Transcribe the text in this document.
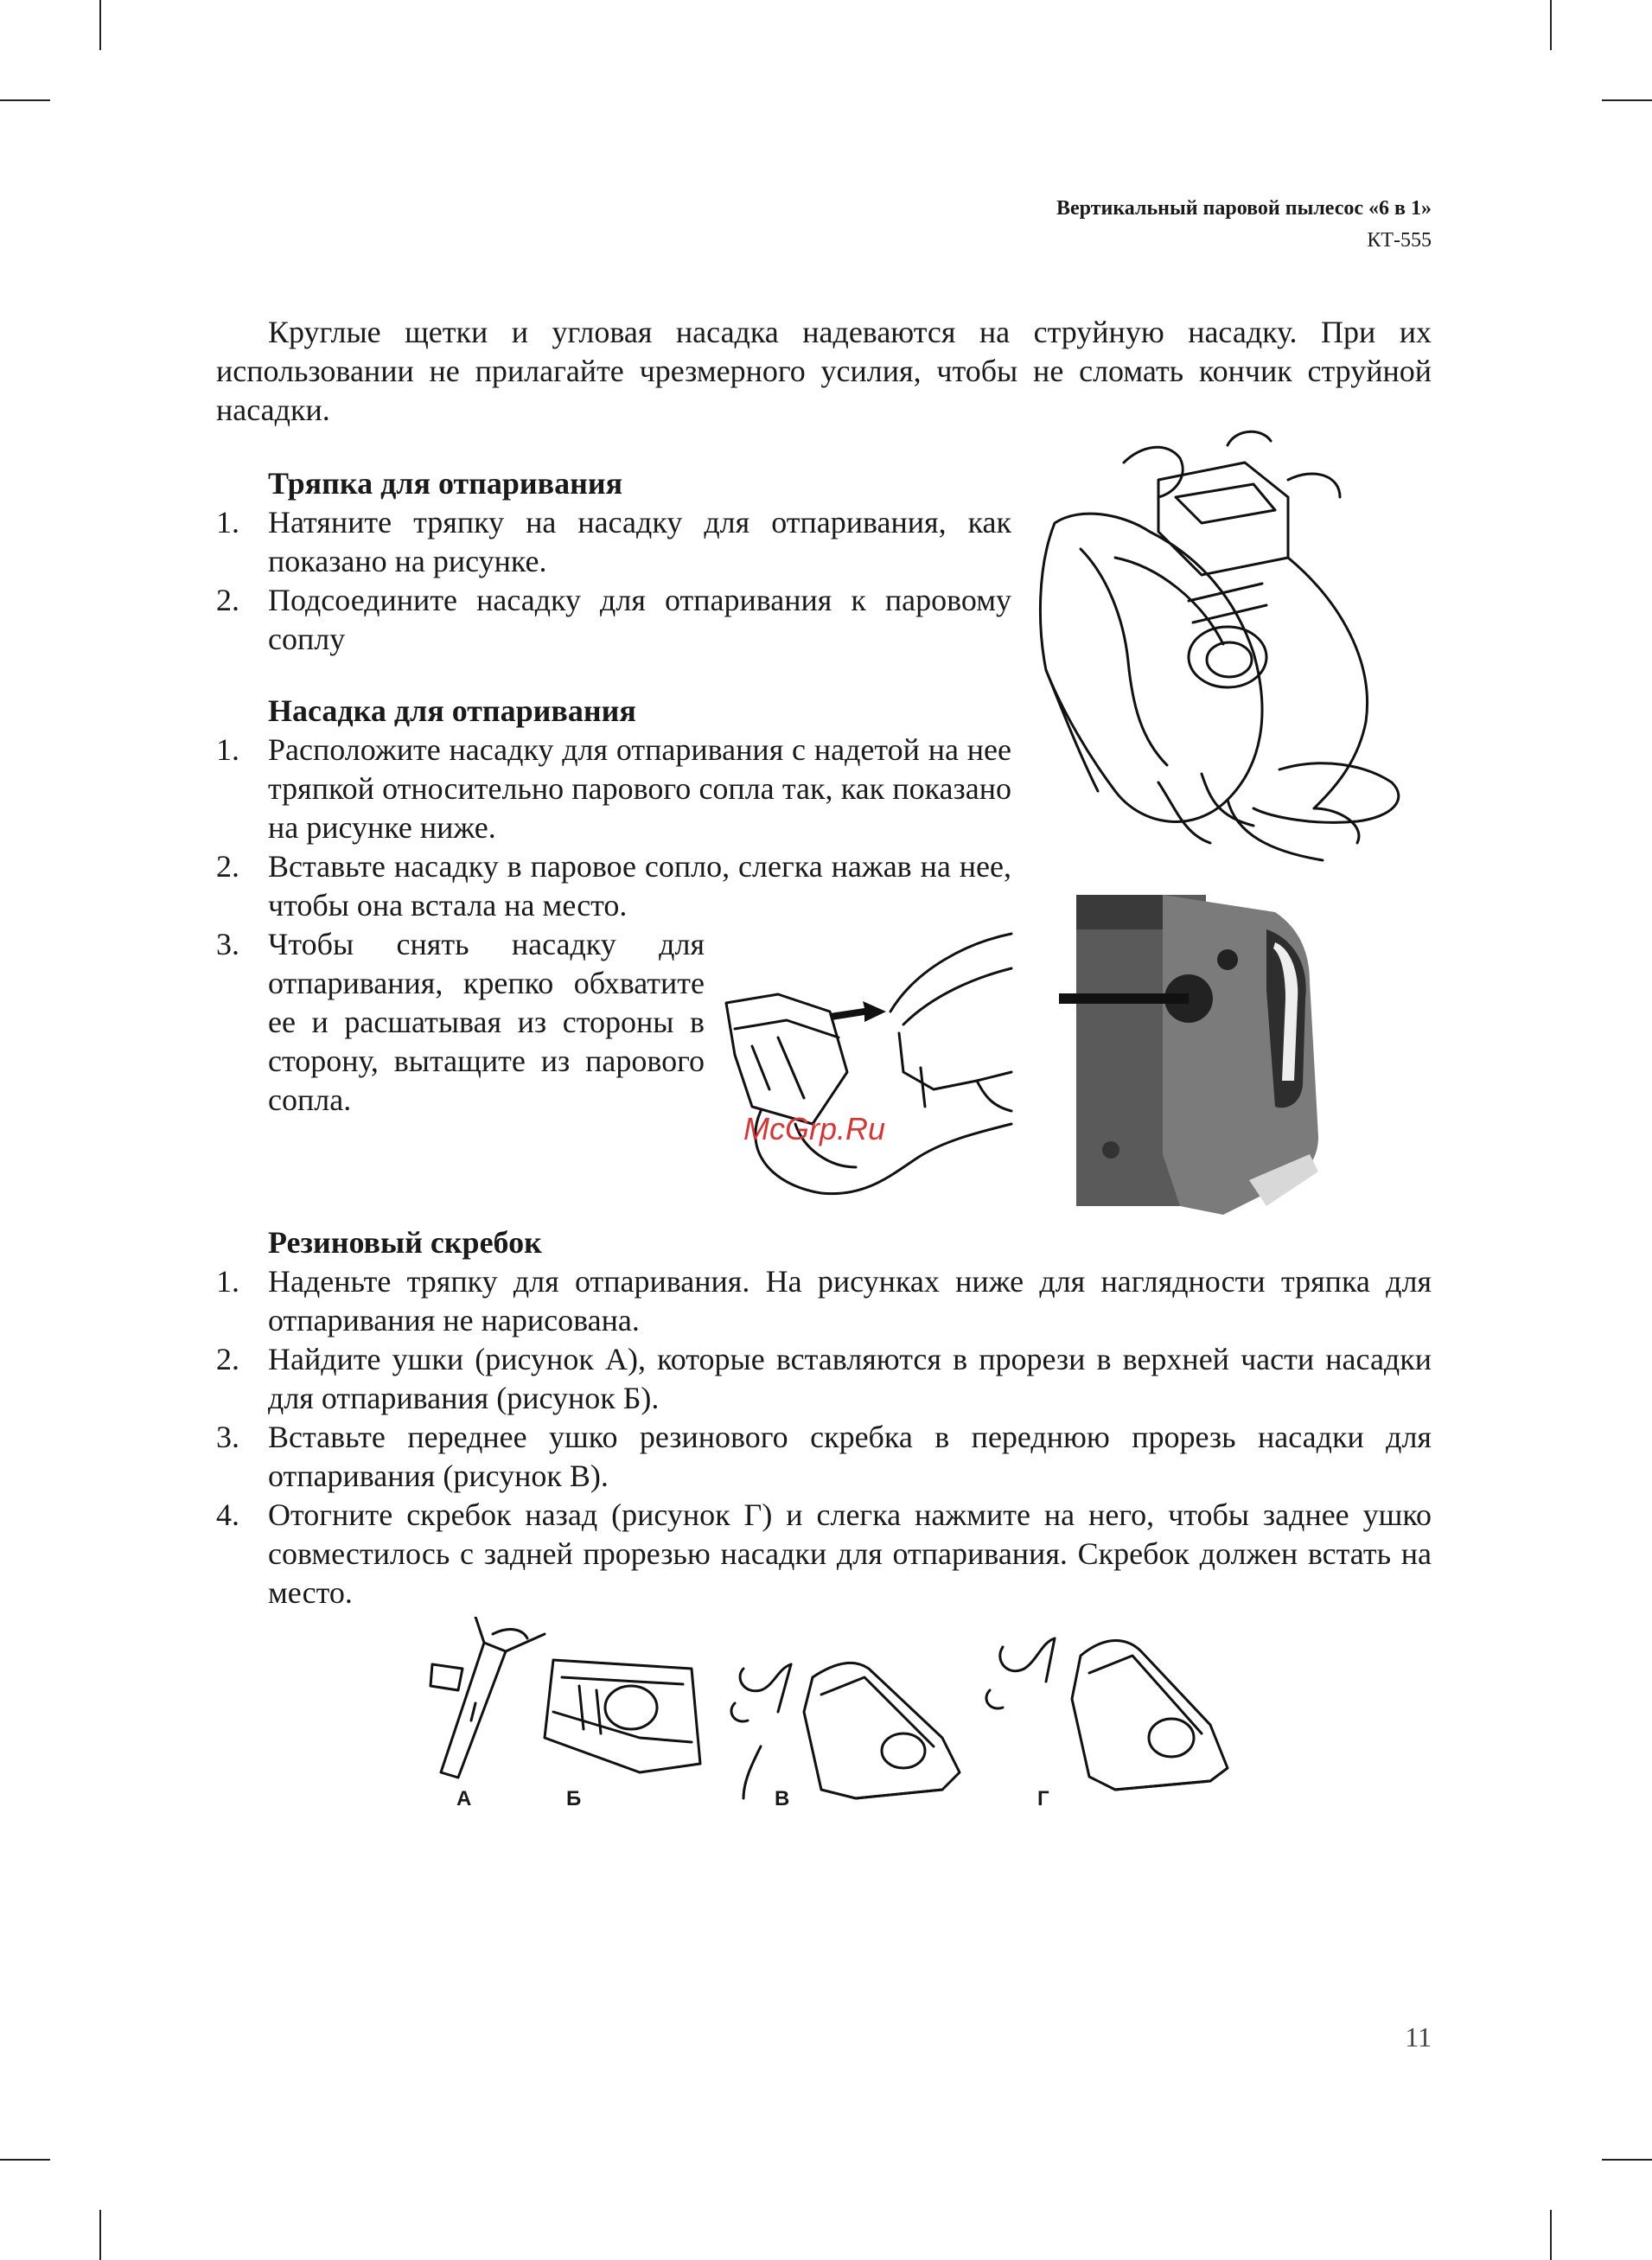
Вертикальный паровой пылесос «6 в 1»
КТ-555
Круглые щетки и угловая насадка надеваются на струйную насадку. При их использовании не прилагайте чрезмерного усилия, чтобы не сломать кончик струйной насадки.
Тряпка для отпаривания
1. Натяните тряпку на насадку для отпаривания, как показано на рисунке.
2. Подсоедините насадку для отпаривания к паровому соплу
Насадка для отпаривания
1. Расположите насадку для отпаривания с надетой на нее тряпкой относительно парового сопла так, как показано на рисунке ниже.
2. Вставьте насадку в паровое сопло, слегка нажав на нее, чтобы она встала на место.
3. Чтобы снять насадку для отпаривания, крепко обхватите ее и расшатывая из стороны в сторону, вытащите из парового сопла.
McGrp.Ru
Резиновый скребок
1. Наденьте тряпку для отпаривания. На рисунках ниже для наглядности тряпка для отпаривания не нарисована.
2. Найдите ушки (рисунок А), которые вставляются в прорези в верхней части насадки для отпаривания (рисунок Б).
3. Вставьте переднее ушко резинового скребка в переднюю прорезь насадки для отпаривания (рисунок В).
4. Отогните скребок назад (рисунок Г) и слегка нажмите на него, чтобы заднее ушко совместилось с задней прорезью насадки для отпаривания. Скребок должен встать на место.
А	Б	В	Г
11
